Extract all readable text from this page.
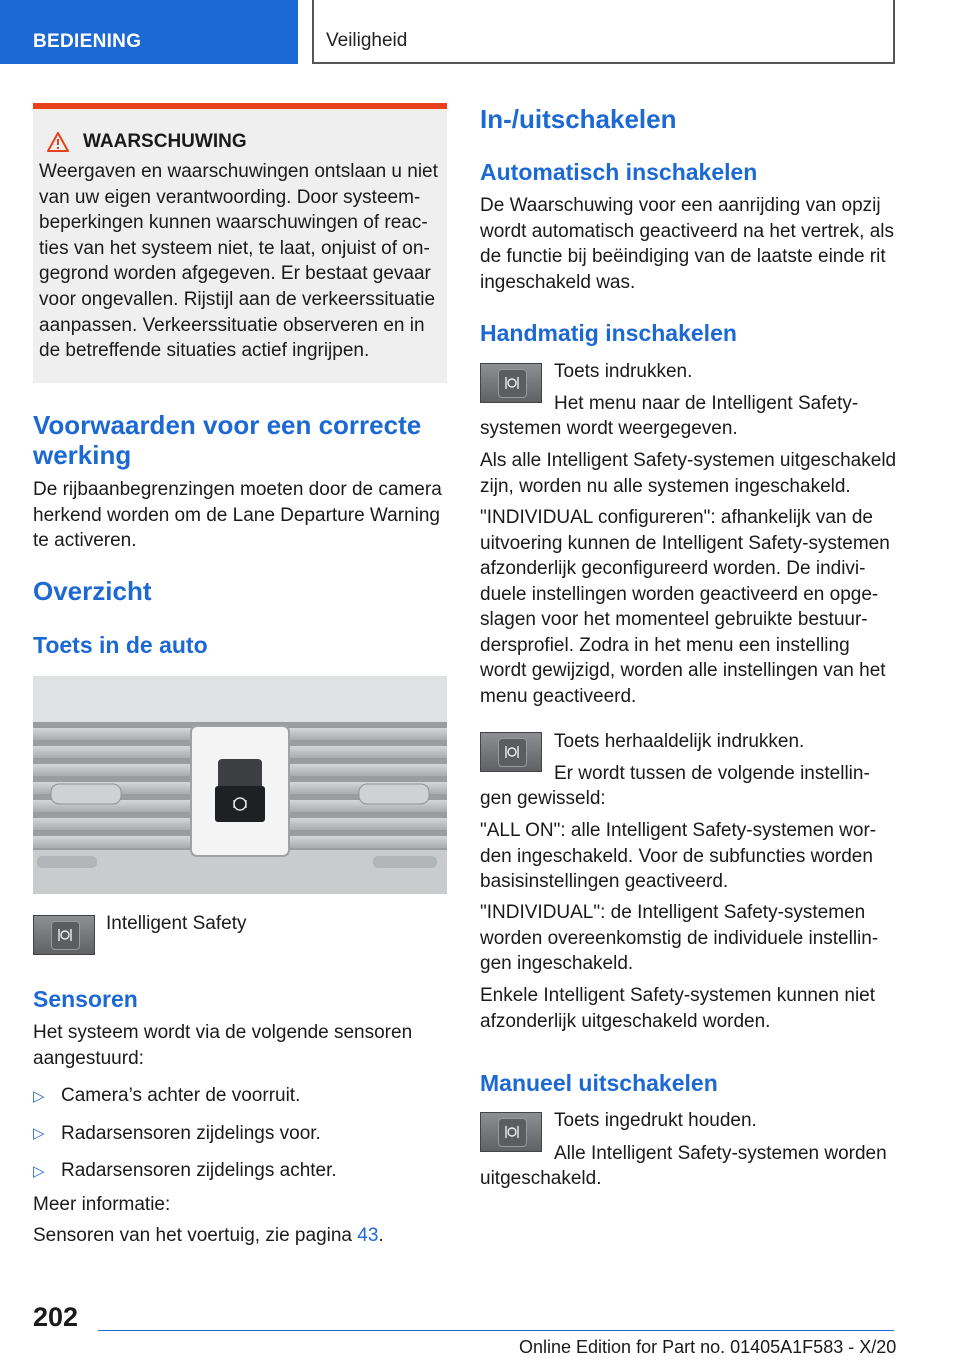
BEDIENING	Veiligheid
WAARSCHUWING

Weergaven en waarschuwingen ontslaan u niet van uw eigen verantwoording. Door systeembeperkingen kunnen waarschuwingen of reacties van het systeem niet, te laat, onjuist of ongegrond worden afgegeven. Er bestaat gevaar voor ongevallen. Rijstijl aan de verkeerssituatie aanpassen. Verkeerssituatie observeren en in de betreffende situaties actief ingrijpen.

Voorwaarden voor een correcte werking

De rijbaanbegrenzingen moeten door de camera herkend worden om de Lane Departure Warning te activeren.

Overzicht
Toets in de auto

Intelligent Safety

Sensoren

Het systeem wordt via de volgende sensoren aangestuurd:

▷ Camera’s achter de voorruit.

▷ Radarsensoren zijdelings voor.

▷ Radarsensoren zijdelings achter.

Meer informatie:

Sensoren van het voertuig, zie pagina 43.

In-/uitschakelen
Automatisch inschakelen

De Waarschuwing voor een aanrijding van opzij wordt automatisch geactiveerd na het vertrek, als de functie bij beëindiging van de laatste einde rit ingeschakeld was.

Handmatig inschakelen

Toets indrukken.

Het menu naar de Intelligent Safety-

systemen wordt weergegeven.

Als alle Intelligent Safety-systemen uitgeschakeld zijn, worden nu alle systemen ingeschakeld.

"INDIVIDUAL configureren": afhankelijk van de uitvoering kunnen de Intelligent Safety-systemen afzonderlijk geconfigureerd worden. De individuele instellingen worden geactiveerd en opgeslagen voor het momenteel gebruikte bestuurdersprofiel. Zodra in het menu een instelling wordt gewijzigd, worden alle instellingen van het menu geactiveerd.

Toets herhaaldelijk indrukken.

Er wordt tussen de volgende instellin-

gen gewisseld:

"ALL ON": alle Intelligent Safety-systemen worden ingeschakeld. Voor de subfuncties worden basisinstellingen geactiveerd.

"INDIVIDUAL": de Intelligent Safety-systemen worden overeenkomstig de individuele instellingen ingeschakeld.

Enkele Intelligent Safety-systemen kunnen niet afzonderlijk uitgeschakeld worden.

Manueel uitschakelen

Toets ingedrukt houden.

Alle Intelligent Safety-systemen worden

uitgeschakeld.

202
Online Edition for Part no. 01405A1F583 - X/20
